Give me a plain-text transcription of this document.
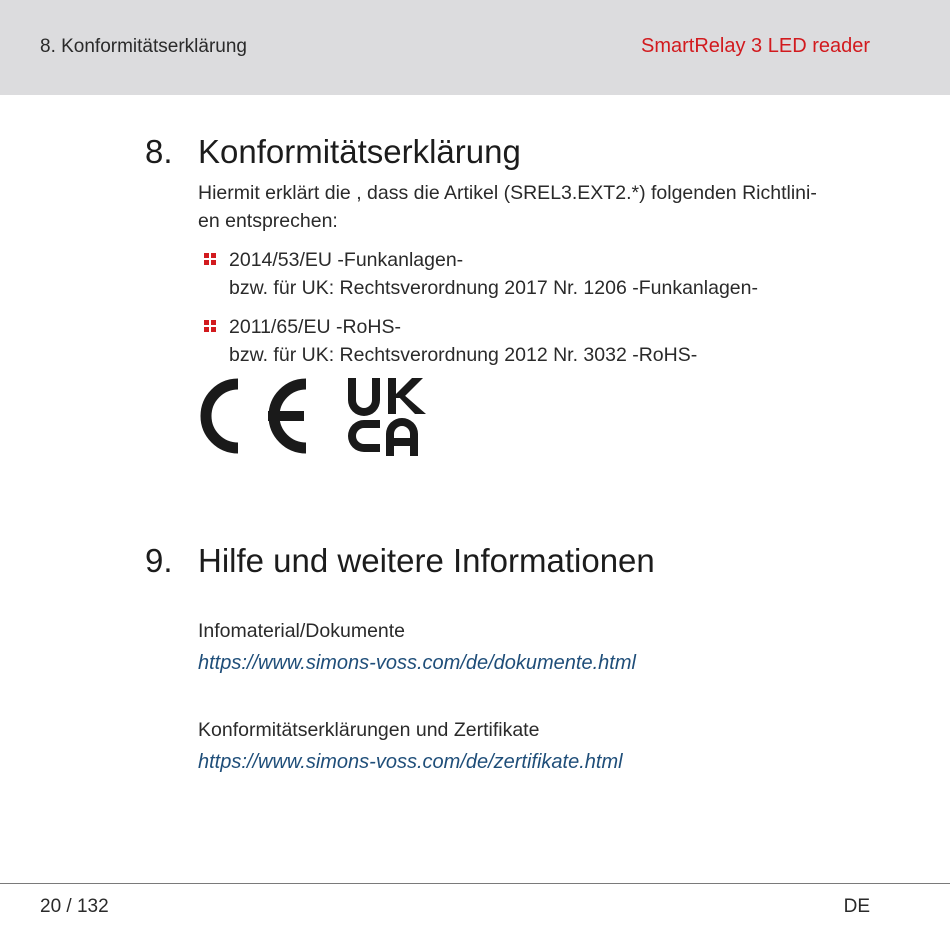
8. Konformitätserklärung	SmartRelay 3 LED reader
8. Konformitätserklärung
Hiermit erklärt die , dass die Artikel (SREL3.EXT2.*) folgenden Richtlini-
en entsprechen:
2014/53/EU -Funkanlagen-
bzw. für UK: Rechtsverordnung 2017 Nr. 1206 -Funkanlagen-
2011/65/EU -RoHS-
bzw. für UK: Rechtsverordnung 2012 Nr. 3032 -RoHS-
9. Hilfe und weitere Informationen
Infomaterial/Dokumente
https://www.simons-voss.com/de/dokumente.html
Konformitätserklärungen und Zertifikate
https://www.simons-voss.com/de/zertifikate.html
20 / 132	DE
